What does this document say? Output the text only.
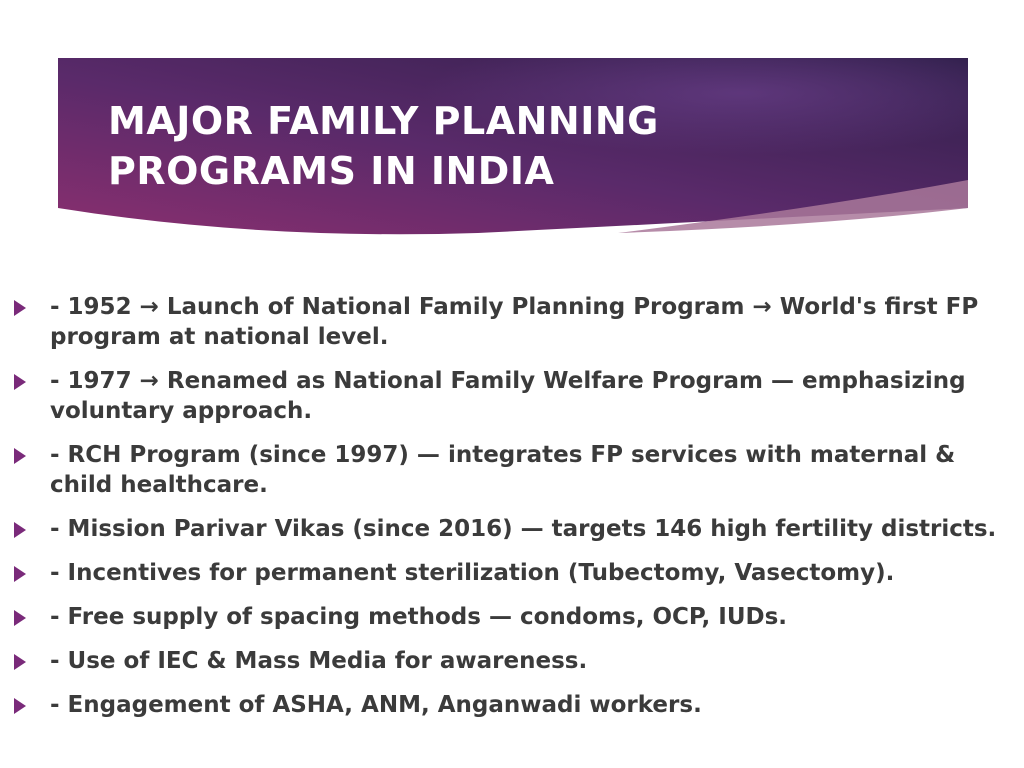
MAJOR FAMILY PLANNING
PROGRAMS IN INDIA
- 1952 → Launch of National Family Planning Program → World's first FP program at national level.
- 1977 → Renamed as National Family Welfare Program — emphasizing voluntary approach.
- RCH Program (since 1997) — integrates FP services with maternal & child healthcare.
- Mission Parivar Vikas (since 2016) — targets 146 high fertility districts.
- Incentives for permanent sterilization (Tubectomy, Vasectomy).
- Free supply of spacing methods — condoms, OCP, IUDs.
- Use of IEC & Mass Media for awareness.
- Engagement of ASHA, ANM, Anganwadi workers.
